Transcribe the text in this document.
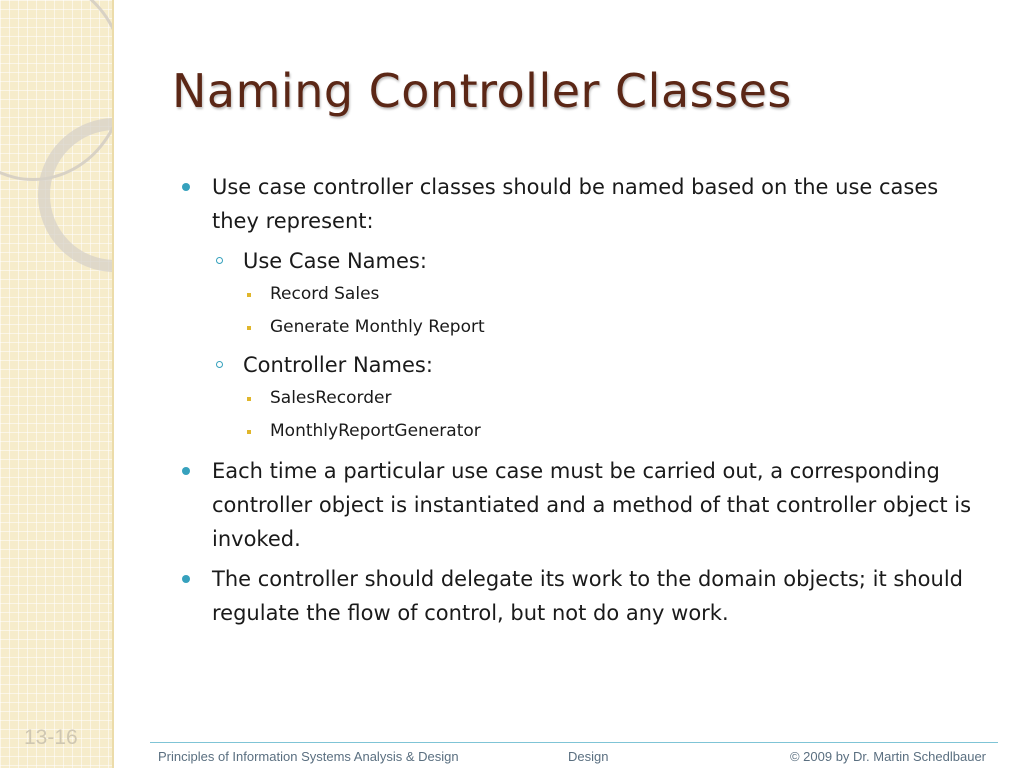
13-16
Naming Controller Classes
Use case controller classes should be named based on the use cases they represent:
Use Case Names:
Record Sales
Generate Monthly Report
Controller Names:
SalesRecorder
MonthlyReportGenerator
Each time a particular use case must be carried out, a corresponding controller object is instantiated and a method of that controller object is invoked.
The controller should delegate its work to the domain objects; it should regulate the flow of control, but not do any work.
Principles of Information Systems Analysis & Design	Design	© 2009 by Dr. Martin Schedlbauer
